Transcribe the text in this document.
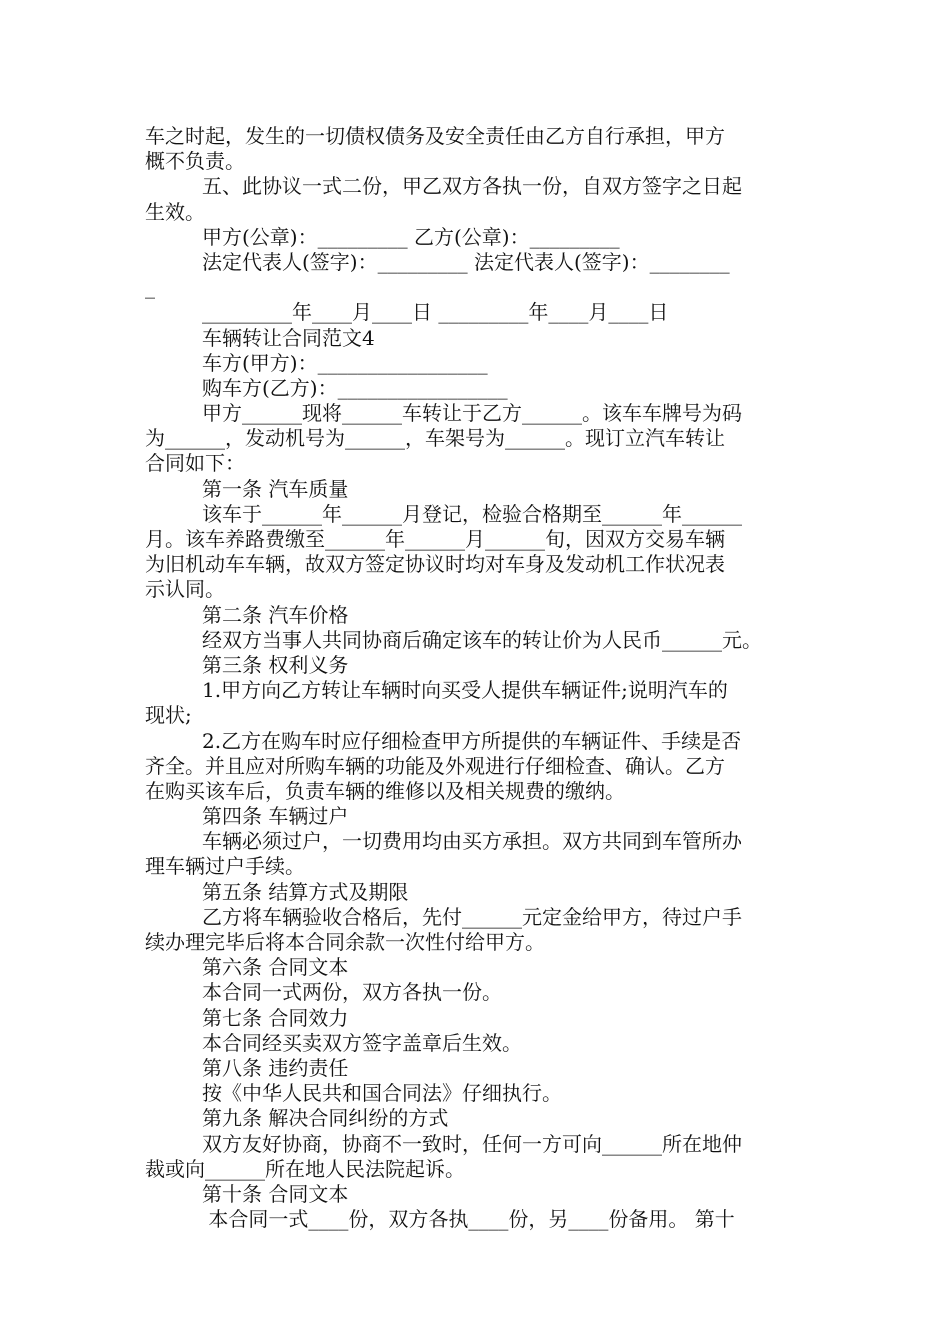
车之时起，发生的一切债权债务及安全责任由乙方自行承担，甲方
概不负责。
五、此协议一式二份，甲乙双方各执一份，自双方签字之日起
生效。
甲方(公章)：_________ 乙方(公章)：_________
法定代表人(签字)：_________ 法定代表人(签字)：________
_
_________年____月____日 _________年____月____日
车辆转让合同范文4
车方(甲方)：_________________
购车方(乙方)：_________________
甲方______现将______车转让于乙方______。该车车牌号为码
为______，发动机号为______，车架号为______。现订立汽车转让
合同如下：
第一条 汽车质量
该车于______年______月登记，检验合格期至______年______
月。该车养路费缴至______年______月______旬，因双方交易车辆
为旧机动车车辆，故双方签定协议时均对车身及发动机工作状况表
示认同。
第二条 汽车价格
经双方当事人共同协商后确定该车的转让价为人民币______元。
第三条 权利义务
1.甲方向乙方转让车辆时向买受人提供车辆证件;说明汽车的
现状;
2.乙方在购车时应仔细检查甲方所提供的车辆证件、手续是否
齐全。并且应对所购车辆的功能及外观进行仔细检查、确认。乙方
在购买该车后，负责车辆的维修以及相关规费的缴纳。
第四条 车辆过户
车辆必须过户，一切费用均由买方承担。双方共同到车管所办
理车辆过户手续。
第五条 结算方式及期限
乙方将车辆验收合格后，先付______元定金给甲方，待过户手
续办理完毕后将本合同余款一次性付给甲方。
第六条 合同文本
本合同一式两份，双方各执一份。
第七条 合同效力
本合同经买卖双方签字盖章后生效。
第八条 违约责任
按《中华人民共和国合同法》仔细执行。
第九条 解决合同纠纷的方式
双方友好协商，协商不一致时，任何一方可向______所在地仲
裁或向______所在地人民法院起诉。
第十条 合同文本
本合同一式____份，双方各执____份，另____份备用。 第十
